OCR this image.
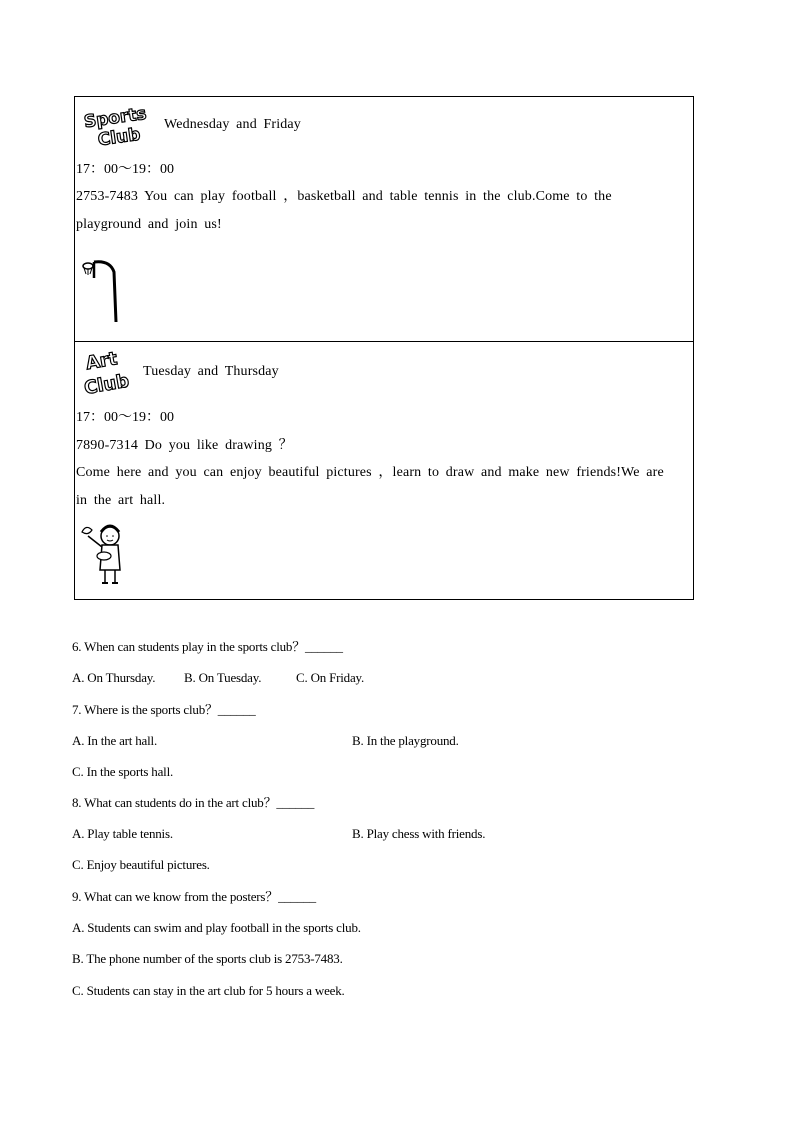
Sports
Club
Wednesday and Friday
17：00～19：00
2753-7483 You can play football ，basketball and table tennis in the club.Come to the
playground and join us!
Art
Club Tuesday and Thursday
17：00～19：00
7890-7314 Do you like drawing ？
Come here and you can enjoy beautiful pictures ，learn to draw and make new friends!We are
in the art hall.
6. When can students play in the sports club？______
A. On Thursday. B. On Tuesday.	C. On Friday.
7. Where is the sports club？______
A. In the art hall.	B. In the playground.
C. In the sports hall.
8. What can students do in the art club？______
A. Play table tennis.	B. Play chess with friends.
C. Enjoy beautiful pictures.
9. What can we know from the posters？______
A. Students can swim and play football in the sports club.
B. The phone number of the sports club is 2753-7483.
C. Students can stay in the art club for 5 hours a week.
